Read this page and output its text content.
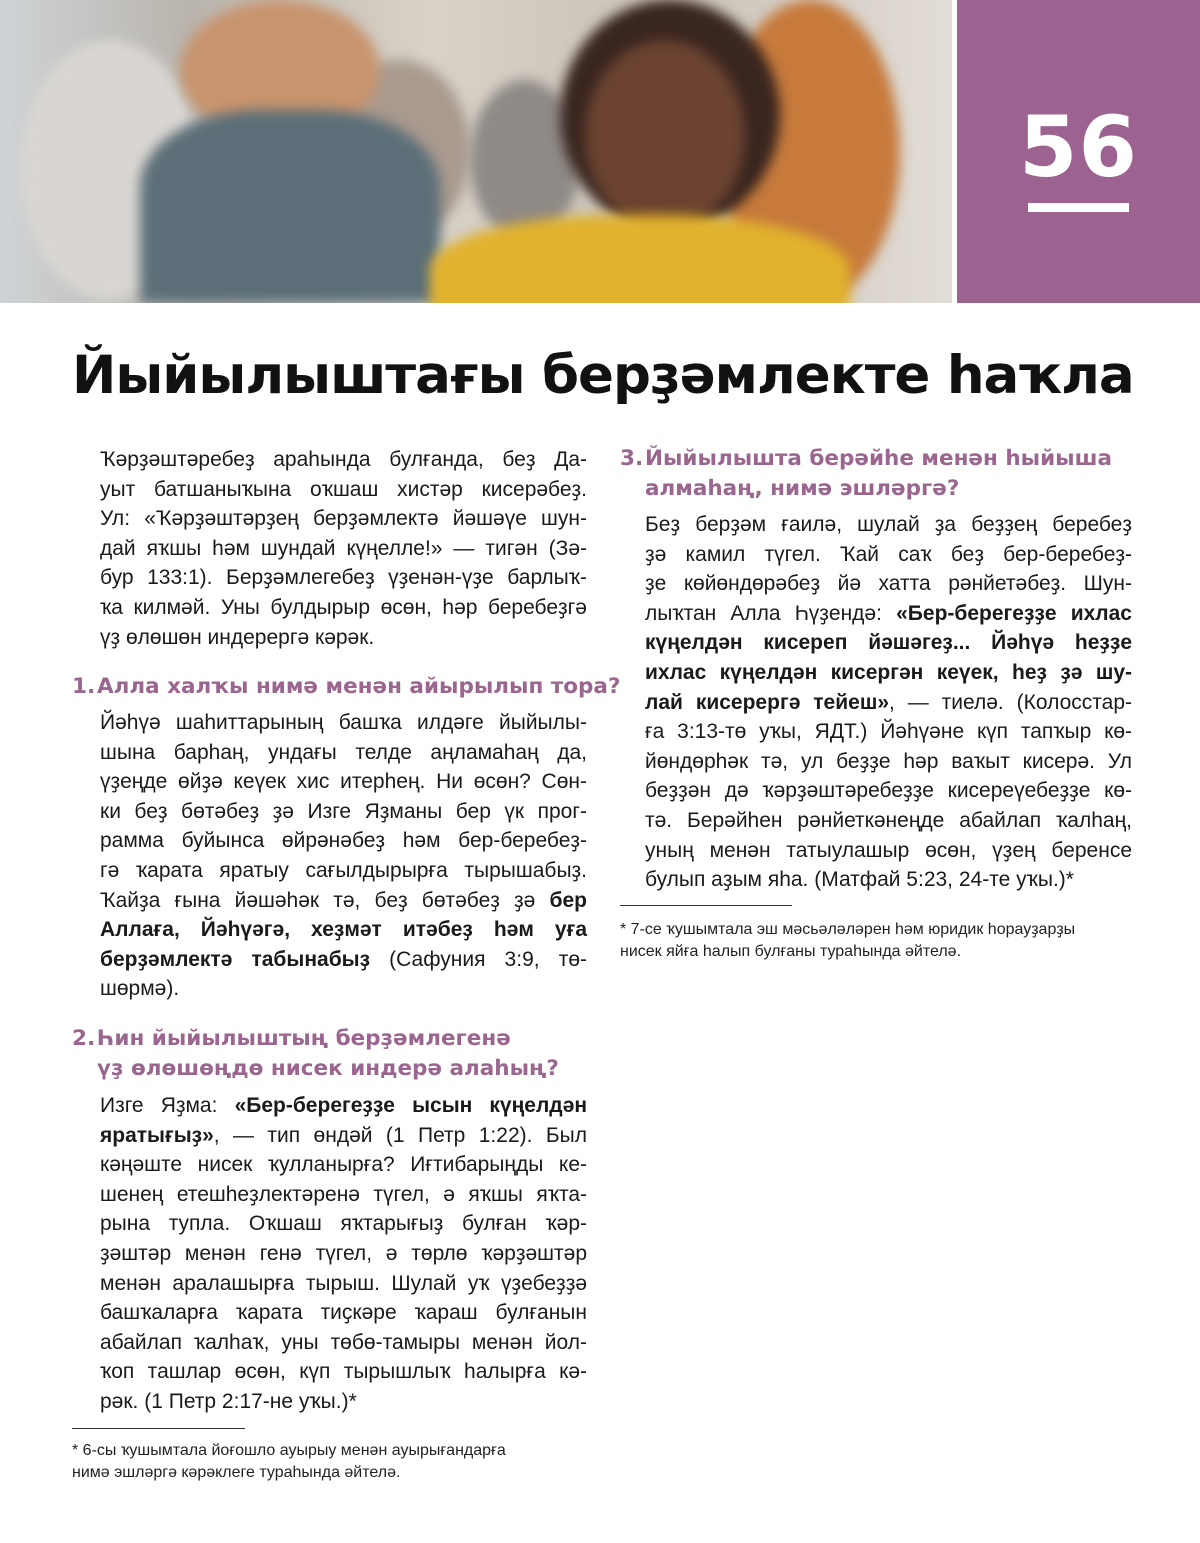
56
Йыйылыштағы берҙәмлекте һаҡла
Ҡәрҙәштәребеҙ араһында булғанда, беҙ Да-
уыт батшаныҡына оҡшаш хистәр кисерәбеҙ.
Ул: «Ҡәрҙәштәрҙең берҙәмлектә йәшәүе шун-
дай яҡшы һәм шундай күңелле!» — тигән (Зә-
бур 133:1). Берҙәмлегебеҙ үҙенән-үҙе барлыҡ-
ҡа килмәй. Уны булдырыр өсөн, һәр беребеҙгә
үҙ өлөшөн индерергә кәрәк.
1. Алла халҡы нимә менән айырылып тора?
Йәһүә шаһиттарының башҡа илдәге йыйылы-
шына барһаң, ундағы телде аңламаһаң да,
үҙеңде өйҙә кеүек хис итерһең. Ни өсөн? Сөн-
ки беҙ бөтәбеҙ ҙә Изге Яҙманы бер үк прог-
рамма буйынса өйрәнәбеҙ һәм бер-беребеҙ-
гә ҡарата яратыу сағылдырырға тырышабыҙ.
Ҡайҙа ғына йәшәһәк тә, беҙ бөтәбеҙ ҙә бер
Аллаға, Йәһүәгә, хеҙмәт итәбеҙ һәм уға
берҙәмлектә табынабыҙ (Сафуния 3:9, тө-
шөрмә).
2. Һин йыйылыштың берҙәмлегенә
үҙ өлөшөңдө нисек индерә алаһың?
Изге Яҙма: «Бер-берегеҙҙе ысын күңелдән
яратығыҙ», — тип өндәй (1 Петр 1:22). Был
кәңәште нисек ҡулланырға? Иғтибарыңды ке-
шенең етешһеҙлектәренә түгел, ә яҡшы яҡта-
рына тупла. Оҡшаш яҡтарығыҙ булған ҡәр-
ҙәштәр менән генә түгел, ә төрлө ҡәрҙәштәр
менән аралашырға тырыш. Шулай уҡ үҙебеҙҙә
башҡаларға ҡарата тиҫкәре ҡараш булғанын
абайлап ҡалһаҡ, уны төбө-тамыры менән йол-
ҡоп ташлар өсөн, күп тырышлыҡ һалырға кә-
рәк. (1 Петр 2:17-не уҡы.)*
* 6-сы ҡушымтала йоғошло ауырыу менән ауырығандарға
нимә эшләргә кәрәклеге тураһында әйтелә.
3. Йыйылышта берәйһе менән һыйыша
алмаһаң, нимә эшләргә?
Беҙ берҙәм ғаилә, шулай ҙа беҙҙең беребеҙ
ҙә камил түгел. Ҡай саҡ беҙ бер-беребеҙ-
ҙе көйөндөрәбеҙ йә хатта рәнйетәбеҙ. Шун-
лыҡтан Алла Һүҙендә: «Бер-берегеҙҙе ихлас
күңелдән кисереп йәшәгеҙ... Йәһүә һеҙҙе
ихлас күңелдән кисергән кеүек, һеҙ ҙә шу-
лай кисерергә тейеш», — тиелә. (Колосстар-
ға 3:13-тө уҡы, ЯДТ.) Йәһүәне күп тапҡыр кө-
йөндөрһәк тә, ул беҙҙе һәр ваҡыт кисерә. Ул
беҙҙән дә ҡәрҙәштәребеҙҙе кисереүебеҙҙе кө-
тә. Берәйһен рәнйеткәнеңде абайлап ҡалһаң,
уның менән татыулашыр өсөн, үҙең беренсе
булып аҙым яһа. (Матфай 5:23, 24-те уҡы.)*
* 7-се ҡушымтала эш мәсьәләләрен һәм юридик һорауҙарҙы
нисек яйға һалып булғаны тураһында әйтелә.
